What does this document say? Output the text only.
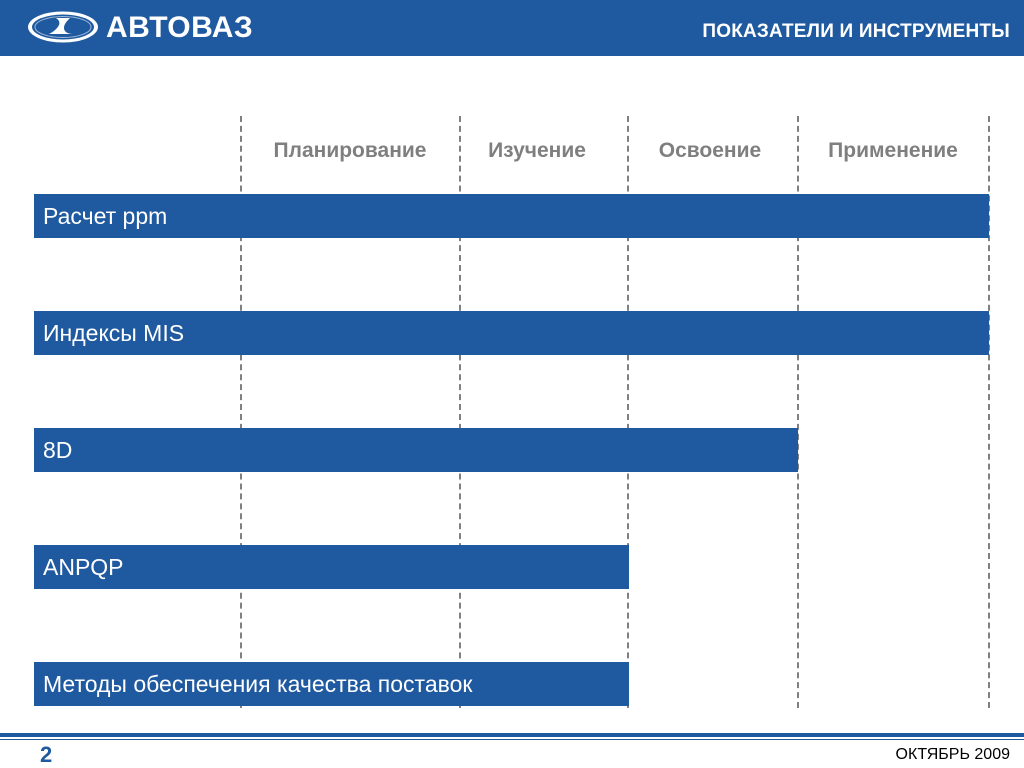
АВТОВАЗ	ПОКАЗАТЕЛИ И ИНСТРУМЕНТЫ
Планирование	Изучение	Освоение	Применение
Расчет ppm
Индексы MIS
8D
ANPQP
Методы обеспечения качества поставок
2	ОКТЯБРЬ 2009
